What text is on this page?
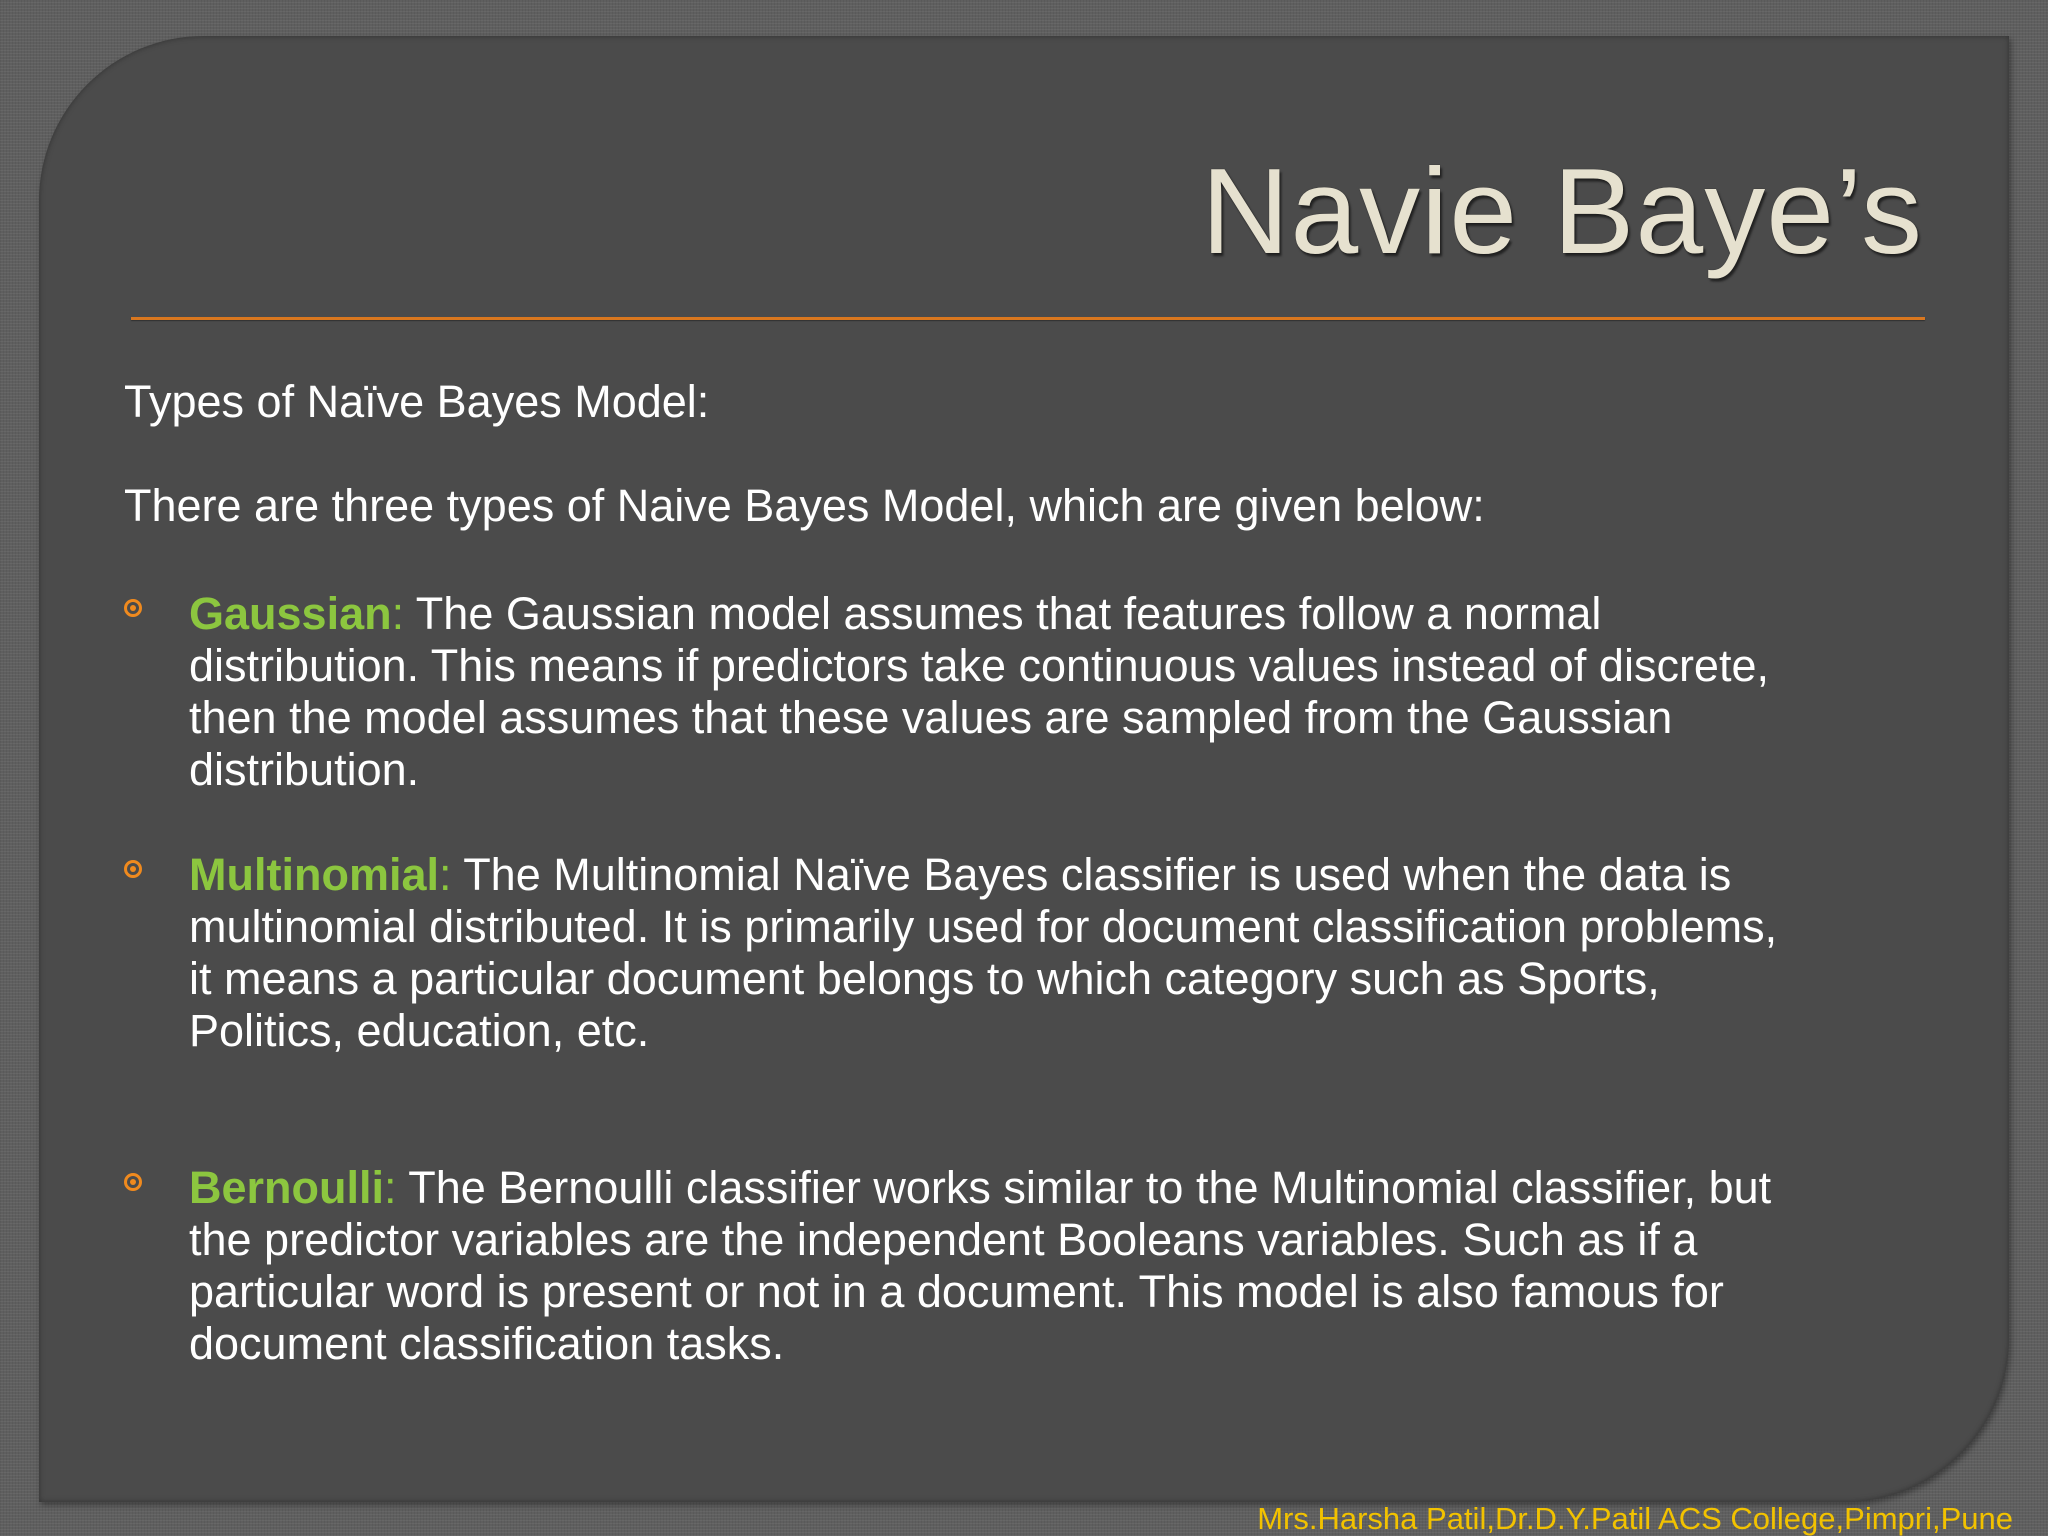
Navie Baye’s
Types of Naïve Bayes Model:
There are three types of Naive Bayes Model, which are given below:
Gaussian: The Gaussian model assumes that features follow a normal
distribution. This means if predictors take continuous values instead of discrete,
then the model assumes that these values are sampled from the Gaussian
distribution.
Multinomial: The Multinomial Naïve Bayes classifier is used when the data is
multinomial distributed. It is primarily used for document classification problems,
it means a particular document belongs to which category such as Sports,
Politics, education, etc.
Bernoulli: The Bernoulli classifier works similar to the Multinomial classifier, but
the predictor variables are the independent Booleans variables. Such as if a
particular word is present or not in a document. This model is also famous for
document classification tasks.
Mrs.Harsha Patil,Dr.D.Y.Patil ACS College,Pimpri,Pune
